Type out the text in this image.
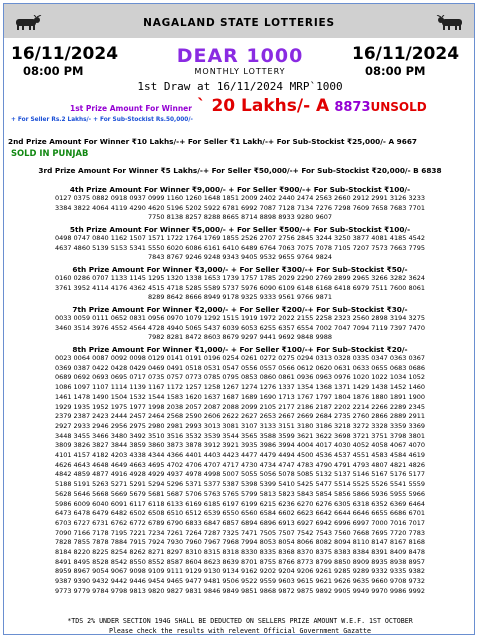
NAGALAND STATE LOTTERIES
16/11/2024
08:00 PM
16/11/2024
08:00 PM
DEAR 1000
MONTHLY LOTTERY
1st Draw at 16/11/2024 MRP`1000
1st Prize Amount For Winner ` 20 Lakhs/- A 8873UNSOLD
+ For Seller Rs.2 Lakhs/- + For Sub-Stockist Rs.50,000/-
2nd Prize Amount For Winner ₹10 Lakhs/-+ For Seller ₹1 Lakh/-+ For Sub-Stockist ₹25,000/- A 9667
SOLD IN PUNJAB
3rd Prize Amount For Winner ₹5 Lakhs/-+ For Seller ₹50,000/-+ For Sub-Stockist ₹20,000/- B 6838
4th Prize Amount For Winner ₹9,000/- + For Seller ₹900/-+ For Sub-Stockist ₹100/-
0127 0375 0882 0918 0937 0999 1160 1260 1648 1851 2009 2402 2440 2474 2563 2660 2912 2991 3126 3233
3384 3822 4064 4119 4290 4620 5196 5202 5922 6781 6992 7087 7128 7134 7276 7298 7609 7658 7683 7701
7750 8138 8257 8288 8665 8714 8898 8933 9280 9607
5th Prize Amount For Winner ₹5,000/- + For Seller ₹500/-+ For Sub-Stockist ₹100/-
0498 0747 0840 1162 1507 1571 1722 1764 1769 1855 2526 2707 2756 2845 3244 3250 3877 4081 4185 4542
4637 4860 5139 5153 5341 5550 6020 6086 6161 6410 6489 6764 7063 7075 7078 7105 7207 7573 7663 7795
7843 8767 9246 9248 9343 9405 9532 9655 9764 9824
6th Prize Amount For Winner ₹3,000/- + For Seller ₹300/-+ For Sub-Stockist ₹50/-
0160 0286 0707 1133 1145 1295 1320 1338 1653 1739 1757 1785 2029 2290 2769 2899 2965 3266 3282 3624
3761 3952 4114 4176 4362 4515 4718 5285 5589 5737 5976 6090 6109 6148 6168 6418 6979 7511 7600 8061
8289 8642 8666 8949 9178 9325 9333 9561 9766 9871
7th Prize Amount For Winner ₹2,000/- + For Seller ₹200/-+ For Sub-Stockist ₹30/-
0033 0059 0111 0652 0831 0956 0970 1079 1292 1515 1919 1972 2022 2155 2258 2323 2560 2898 3194 3275
3460 3514 3976 4552 4564 4728 4940 5065 5437 6039 6053 6255 6357 6554 7002 7047 7094 7119 7397 7470
7982 8281 8472 8603 8679 9297 9441 9692 9848 9988
8th Prize Amount For Winner ₹1,000/- + For Seller ₹100/-+ For Sub-Stockist ₹20/-
0023 0064 0087 0092 0098 0129 0141 0191 0196 0254 0261 0272 0275 0294 0313 0328 0335 0347 0363 0367
0369 0387 0422 0428 0429 0469 0491 0518 0531 0547 0556 0557 0566 0612 0620 0631 0633 0655 0683 0686
0689 0692 0693 0695 0717 0735 0757 0773 0785 0795 0853 0860 0861 0936 0963 0976 1020 1022 1034 1052
1086 1097 1107 1114 1139 1167 1172 1257 1258 1267 1274 1276 1337 1354 1368 1371 1429 1438 1452 1460
1461 1478 1490 1504 1532 1544 1583 1620 1637 1687 1689 1690 1713 1767 1797 1804 1876 1880 1891 1900
1929 1935 1952 1975 1977 1998 2038 2057 2087 2088 2099 2105 2177 2186 2187 2202 2214 2266 2289 2345
2379 2387 2423 2444 2457 2464 2568 2590 2606 2622 2627 2653 2667 2669 2684 2735 2760 2866 2889 2911
2927 2933 2946 2956 2975 2980 2981 2993 3013 3081 3107 3133 3151 3180 3186 3218 3272 3328 3359 3369
3448 3455 3466 3480 3492 3510 3516 3532 3539 3544 3565 3588 3599 3621 3622 3698 3721 3751 3798 3801
3809 3826 3827 3844 3859 3860 3873 3878 3912 3921 3935 3986 3994 4004 4017 4030 4052 4058 4067 4070
4101 4157 4182 4203 4338 4344 4366 4401 4403 4423 4477 4479 4494 4500 4536 4537 4551 4583 4584 4619
4626 4643 4648 4649 4663 4695 4702 4706 4707 4717 4730 4734 4747 4783 4790 4791 4793 4807 4821 4826
4842 4859 4877 4916 4928 4929 4937 4978 4998 5007 5055 5056 5078 5085 5132 5137 5146 5167 5176 5177
5188 5191 5263 5271 5291 5294 5296 5371 5377 5387 5398 5399 5410 5425 5477 5514 5525 5526 5541 5559
5628 5646 5668 5669 5679 5681 5687 5706 5763 5765 5799 5813 5823 5843 5854 5856 5866 5936 5955 5966
5986 6009 6040 6091 6117 6118 6133 6169 6185 6197 6199 6215 6236 6270 6276 6305 6318 6352 6369 6464
6473 6478 6479 6482 6502 6508 6510 6512 6539 6550 6560 6584 6602 6623 6642 6644 6646 6655 6686 6701
6703 6727 6731 6762 6772 6789 6790 6833 6847 6857 6894 6896 6913 6927 6942 6996 6997 7000 7016 7017
7090 7166 7178 7195 7221 7234 7261 7264 7287 7325 7471 7505 7507 7542 7543 7560 7668 7695 7720 7783
7828 7855 7878 7884 7915 7924 7930 7960 7967 7968 7994 8053 8054 8066 8082 8094 8110 8147 8167 8168
8184 8220 8225 8254 8262 8271 8297 8310 8315 8318 8330 8335 8368 8370 8375 8383 8384 8391 8409 8478
8491 8495 8528 8542 8550 8552 8587 8604 8623 8639 8701 8755 8766 8773 8799 8850 8909 8935 8938 8957
8959 8967 9054 9067 9098 9109 9111 9129 9130 9134 9162 9202 9204 9206 9261 9285 9289 9332 9335 9382
9387 9390 9432 9442 9446 9454 9465 9477 9481 9506 9522 9559 9603 9615 9621 9626 9635 9660 9708 9732
9773 9779 9784 9798 9813 9820 9827 9831 9846 9849 9851 9868 9872 9875 9892 9905 9949 9970 9986 9992
*TDS 2% UNDER SECTION 194G SHALL BE DEDUCTED ON SELLERS PRIZE AMOUNT W.E.F. 1ST OCTOBER
Please check the results with relevent Official Government Gazatte
